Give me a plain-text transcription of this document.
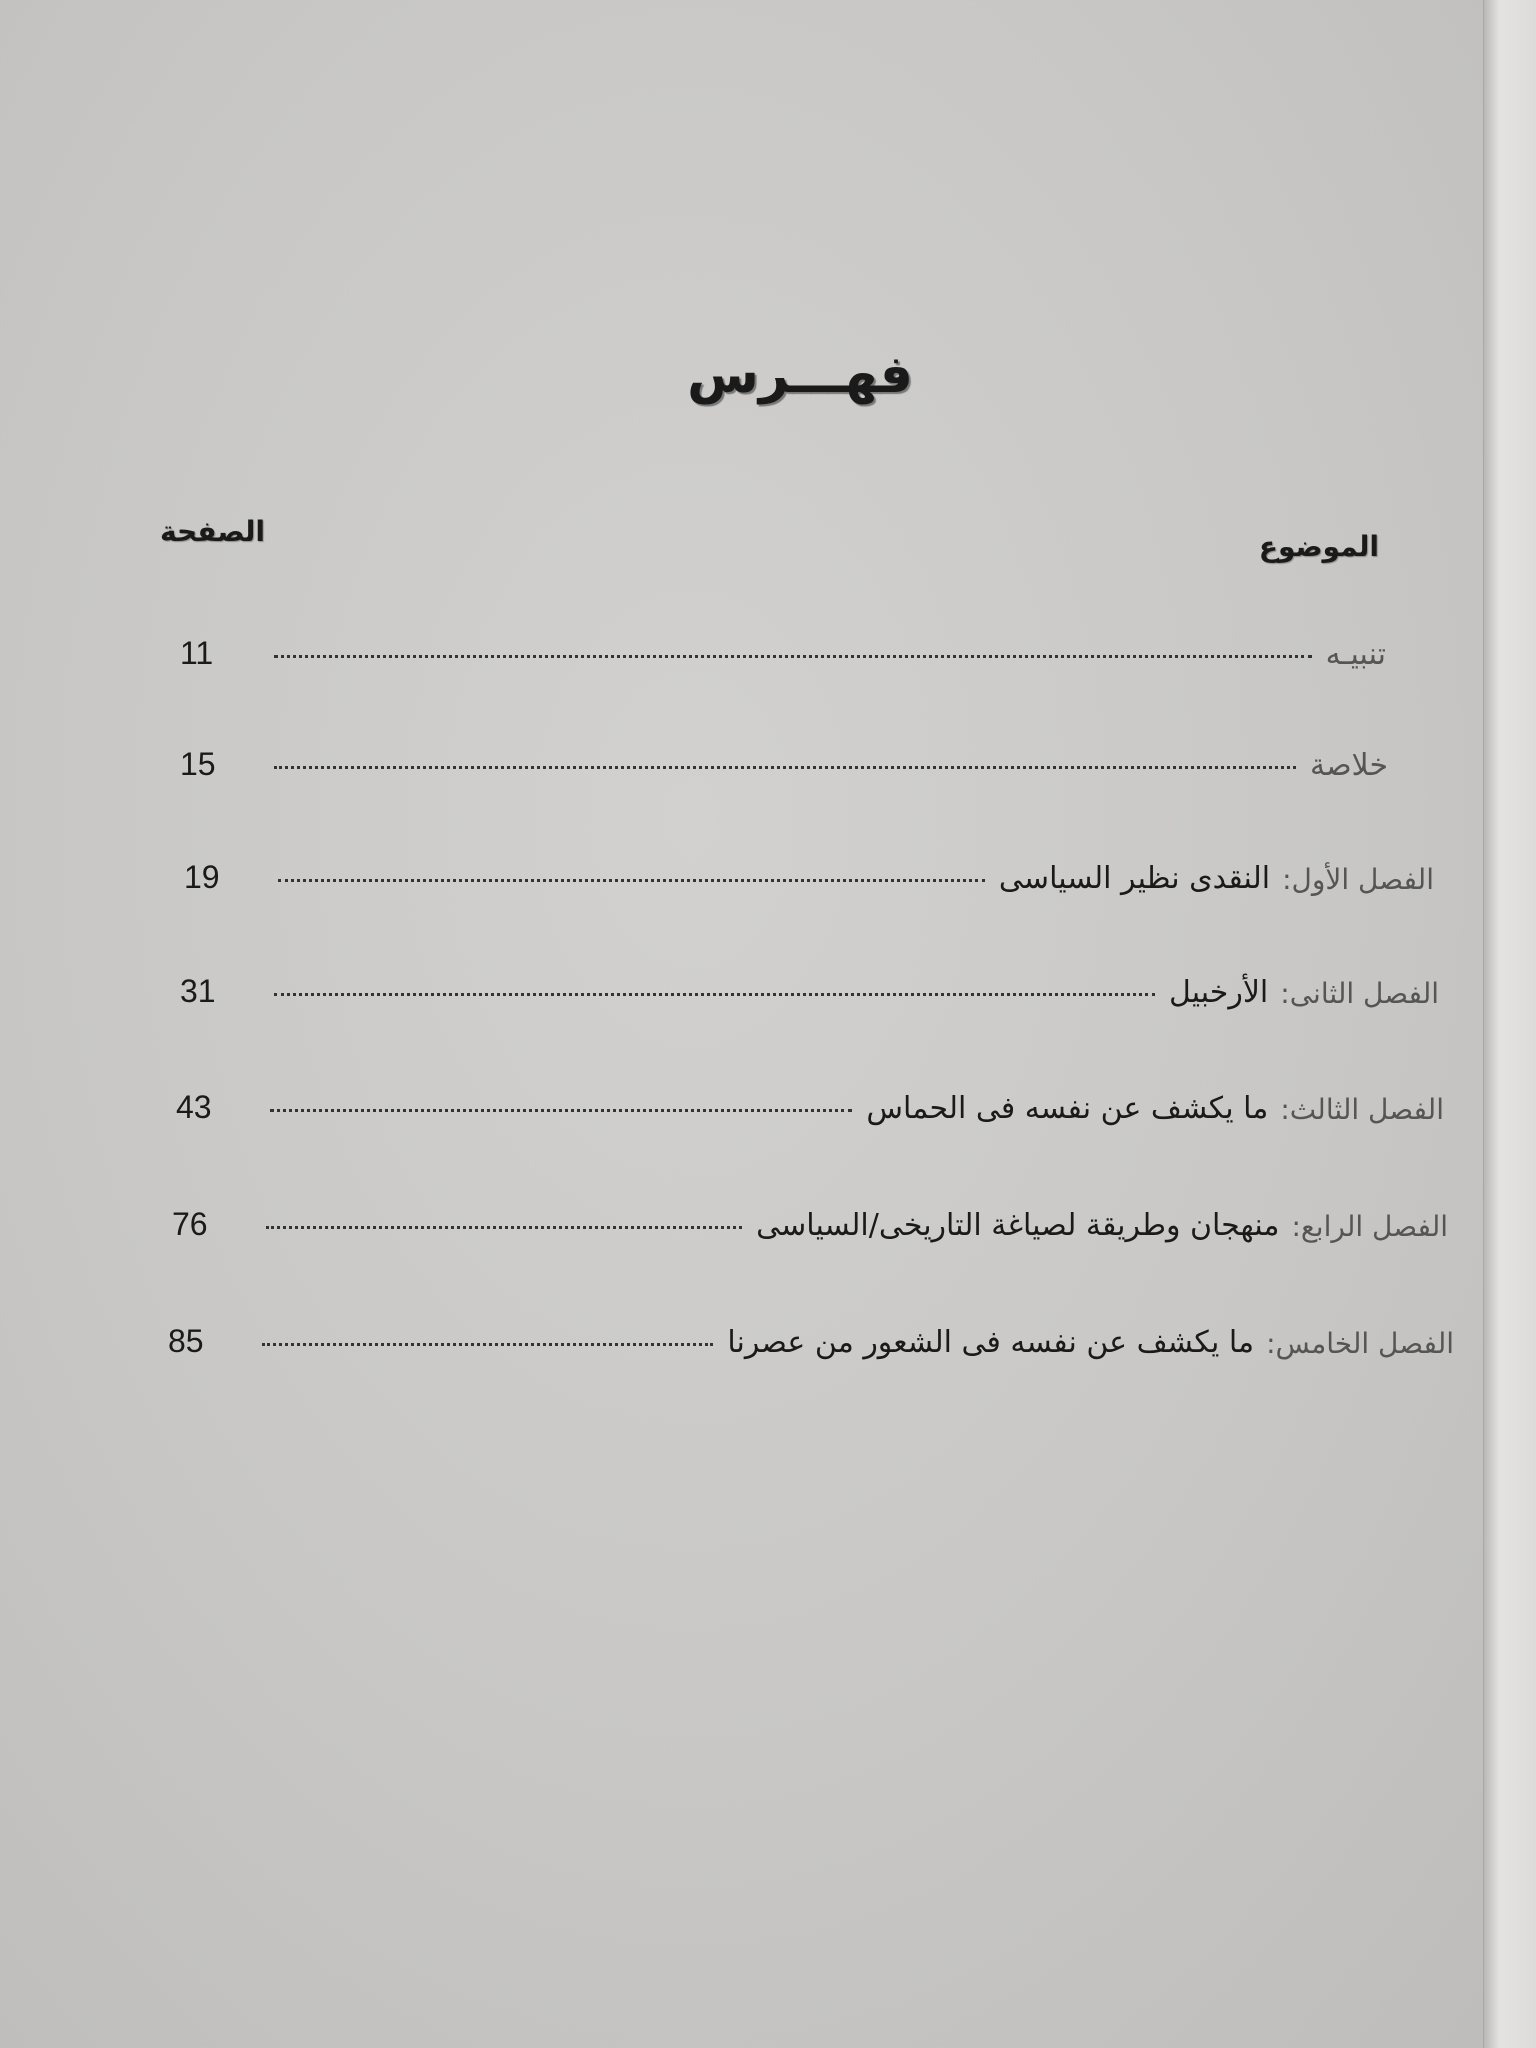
فهـــرس
الصفحة	الموضوع
تنبيـه
11
خلاصة
15
الفصل الأول:
النقدى نظير السياسى
19
الفصل الثانى:
الأرخبيل
31
الفصل الثالث:
ما يكشف عن نفسه فى الحماس
43
الفصل الرابع:
منهجان وطريقة لصياغة التاريخى/السياسى
76
الفصل الخامس:
ما يكشف عن نفسه فى الشعور من عصرنا
85
